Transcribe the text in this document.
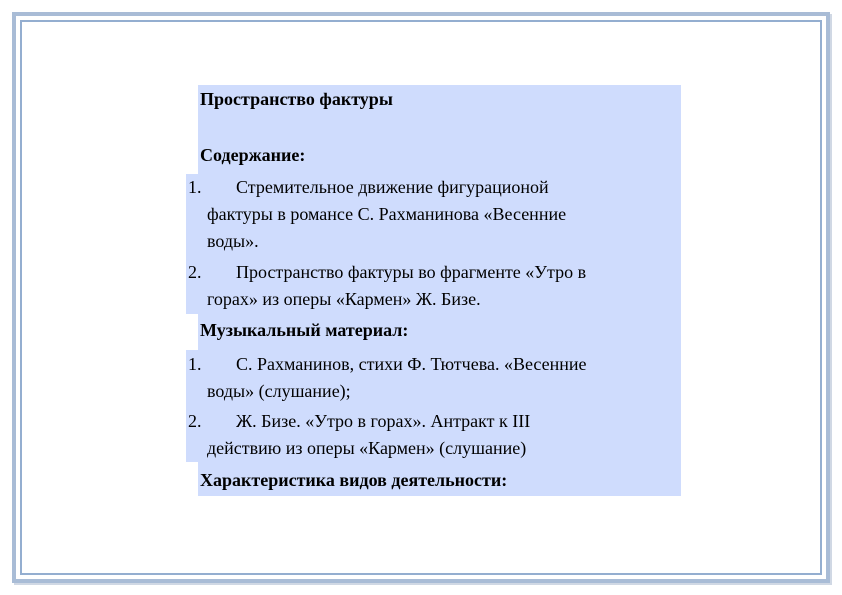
Пространство фактуры
Содержание:
1. Стремительное движение фигурационой
фактуры в романсе С. Рахманинова «Весенние
воды».
2. Пространство фактуры во фрагменте «Утро в
горах» из оперы «Кармен» Ж. Бизе.
Музыкальный материал:
1. С. Рахманинов, стихи Ф. Тютчева. «Весенние
воды» (слушание);
2. Ж. Бизе. «Утро в горах». Антракт к III
действию из оперы «Кармен» (слушание)
Характеристика видов деятельности:
